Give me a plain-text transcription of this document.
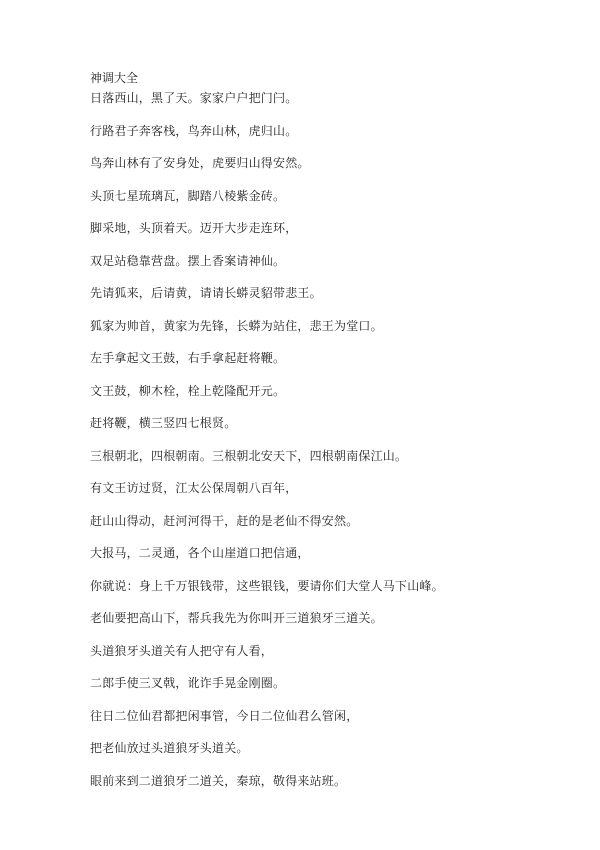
神调大全

日落西山，黑了天。家家户户把门闩。

行路君子奔客栈，鸟奔山林，虎归山。

鸟奔山林有了安身处，虎要归山得安然。

头顶七星琉璃瓦，脚踏八棱紫金砖。

脚采地，头顶着天。迈开大步走连环，

双足站稳靠营盘。摆上香案请神仙。

先请狐来，后请黄，请请长蟒灵貂带悲王。

狐家为帅首，黄家为先锋，长蟒为站住，悲王为堂口。

左手拿起文王鼓，右手拿起赶将鞭。

文王鼓，柳木栓，栓上乾隆配开元。

赶将鞭，横三竖四七根贤。

三根朝北，四根朝南。三根朝北安天下，四根朝南保江山。

有文王访过贤，江太公保周朝八百年，

赶山山得动，赶河河得干，赶的是老仙不得安然。

大报马，二灵通，各个山崖道口把信通，

你就说：身上千万银钱带，这些银钱，要请你们大堂人马下山峰。

老仙要把高山下，帮兵我先为你叫开三道狼牙三道关。

头道狼牙头道关有人把守有人看，

二郎手使三叉戟，讹诈手晃金刚圈。

往日二位仙君都把闲事管，今日二位仙君么管闲，

把老仙放过头道狼牙头道关。

眼前来到二道狼牙二道关，秦琼，敬得来站班。
